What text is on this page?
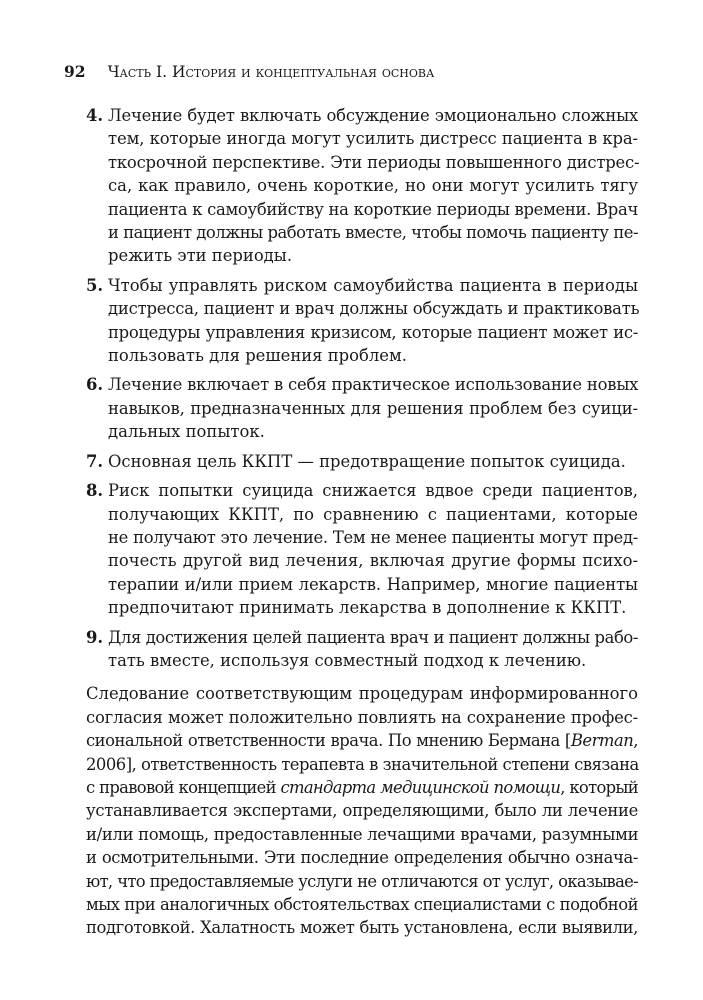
92 Часть I. История и концептуальная основа
4. Лечение будет включать обсуждение эмоционально сложных
тем, которые иногда могут усилить дистресс пациента в кра-
ткосрочной перспективе. Эти периоды повышенного дистрес-
са, как правило, очень короткие, но они могут усилить тягу
пациента к самоубийству на короткие периоды времени. Врач
и пациент должны работать вместе, чтобы помочь пациенту пе-
режить эти периоды.
5. Чтобы управлять риском самоубийства пациента в периоды
дистресса, пациент и врач должны обсуждать и практиковать
процедуры управления кризисом, которые пациент может ис-
пользовать для решения проблем.
6. Лечение включает в себя практическое использование новых
навыков, предназначенных для решения проблем без суици-
дальных попыток.
7. Основная цель ККПТ — предотвращение попыток суицида.
8. Риск попытки суицида снижается вдвое среди пациентов,
получающих ККПТ, по сравнению с пациентами, которые
не получают это лечение. Тем не менее пациенты могут пред-
почесть другой вид лечения, включая другие формы психо-
терапии и/или прием лекарств. Например, многие пациенты
предпочитают принимать лекарства в дополнение к ККПТ.
9. Для достижения целей пациента врач и пациент должны рабо-
тать вместе, используя совместный подход к лечению.
Следование соответствующим процедурам информированного
согласия может положительно повлиять на сохранение профес-
сиональной ответственности врача. По мнению Бермана [Berman,
2006], ответственность терапевта в значительной степени связана
с правовой концепцией стандарта медицинской помощи, который
устанавливается экспертами, определяющими, было ли лечение
и/или помощь, предоставленные лечащими врачами, разумными
и осмотрительными. Эти последние определения обычно означа-
ют, что предоставляемые услуги не отличаются от услуг, оказывае-
мых при аналогичных обстоятельствах специалистами с подобной
подготовкой. Халатность может быть установлена, если выявили,
